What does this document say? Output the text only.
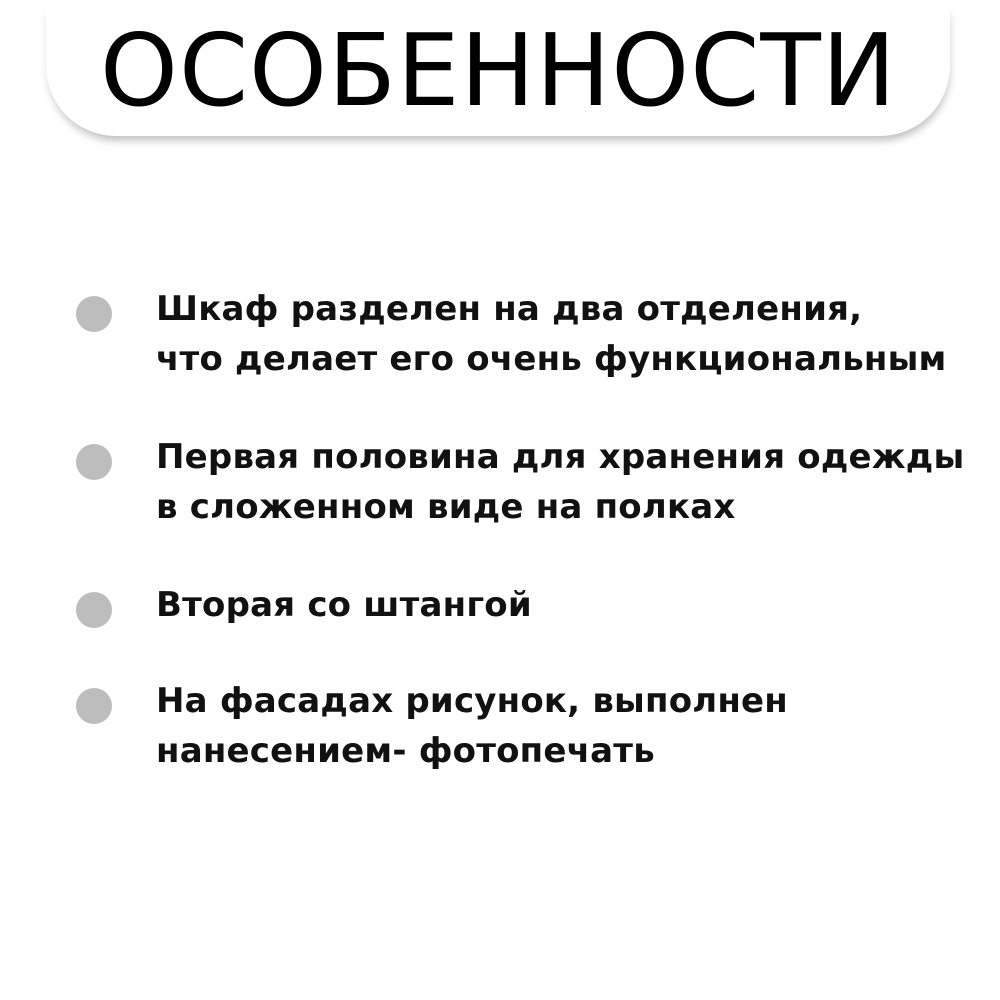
ОСОБЕННОСТИ
Шкаф разделен на два отделения,
что делает его очень функциональным
Первая половина для хранения одежды
в сложенном виде на полках
Вторая со штангой
На фасадах рисунок, выполнен
нанесением- фотопечать
